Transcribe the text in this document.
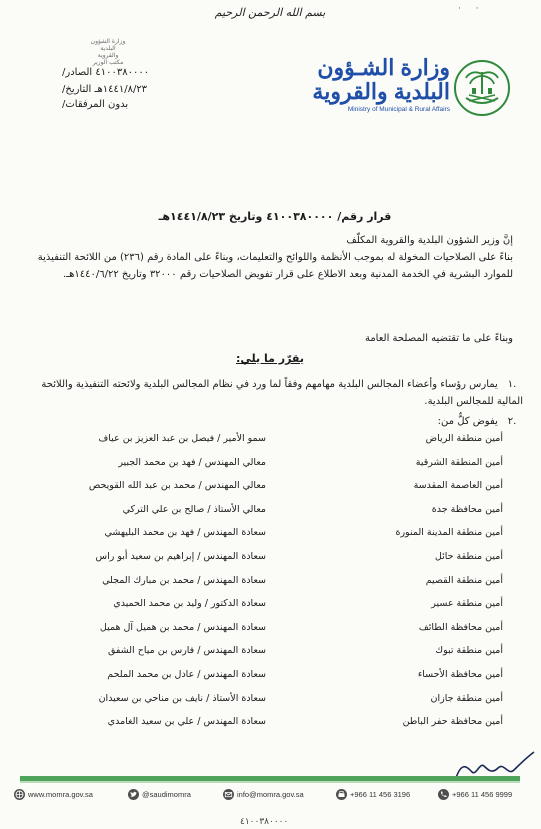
بسم الله الرحمن الرحيم	· ·
وزارة الشؤون البلدية
والقروية
مكتب الوزير
الصادر/ ٤١٠٠٣٨٠٠٠٠
التاريخ/ ١٤٤١/٨/٢٣هـ
المرفقات/ بدون
وزارة الشـؤون
البلدية والقروية
Ministry of Municipal & Rural Affairs
قرار رقم/ ٤١٠٠٣٨٠٠٠٠ وتاريخ ١٤٤١/٨/٢٣هـ
إنَّ وزير الشؤون البلدية والقروية المكلّف
بناءً على الصلاحيات المخولة له بموجب الأنظمة واللوائح والتعليمات، وبناءً على المادة رقم (٢٣٦) من اللائحة التنفيذية للموارد البشرية في الخدمة المدنية وبعد الاطلاع على قرار تفويض الصلاحيات رقم ٣٢٠٠٠ وتاريخ ١٤٤٠/٦/٢٢هـ.
وبناءً على ما تقتضيه المصلحة العامة
يقرّر ما يلي:
.١ يمارس رؤساء وأعضاء المجالس البلدية مهامهم وفقاً لما ورد في نظام المجالس البلدية ولائحته التنفيذية واللائحة المالية للمجالس البلدية.
.٢ يفوض كلٌّ من:
أمين منطقة الرياض
سمو الأمير / فيصل بن عبد العزيز بن عياف
أمين المنطقة الشرقية
معالي المهندس / فهد بن محمد الجبير
أمين العاصمة المقدسة
معالي المهندس / محمد بن عبد الله القويحص
أمين محافظة جدة
معالي الأستاذ / صالح بن علي التركي
أمين منطقة المدينة المنورة
سعادة المهندس / فهد بن محمد البليهشي
أمين منطقة حائل
سعادة المهندس / إبراهيم بن سعيد أبو راس
أمين منطقة القصيم
سعادة المهندس / محمد بن مبارك المجلي
أمين منطقة عسير
سعادة الدكتور / وليد بن محمد الحميدي
أمين محافظة الطائف
سعادة المهندس / محمد بن هميل آل هميل
أمين منطقة تبوك
سعادة المهندس / فارس بن مياح الشفق
أمين محافظة الأحساء
سعادة المهندس / عادل بن محمد الملحم
أمين منطقة جازان
سعادة الأستاذ / نايف بن مناحي بن سعيدان
أمين محافظة حفر الباطن
سعادة المهندس / علي بن سعيد الغامدي
www.momra.gov.sa	@saudimomra	info@momra.gov.sa	+966 11 456 3196	+966 11 456 9999
٤١٠٠٣٨٠٠٠٠
